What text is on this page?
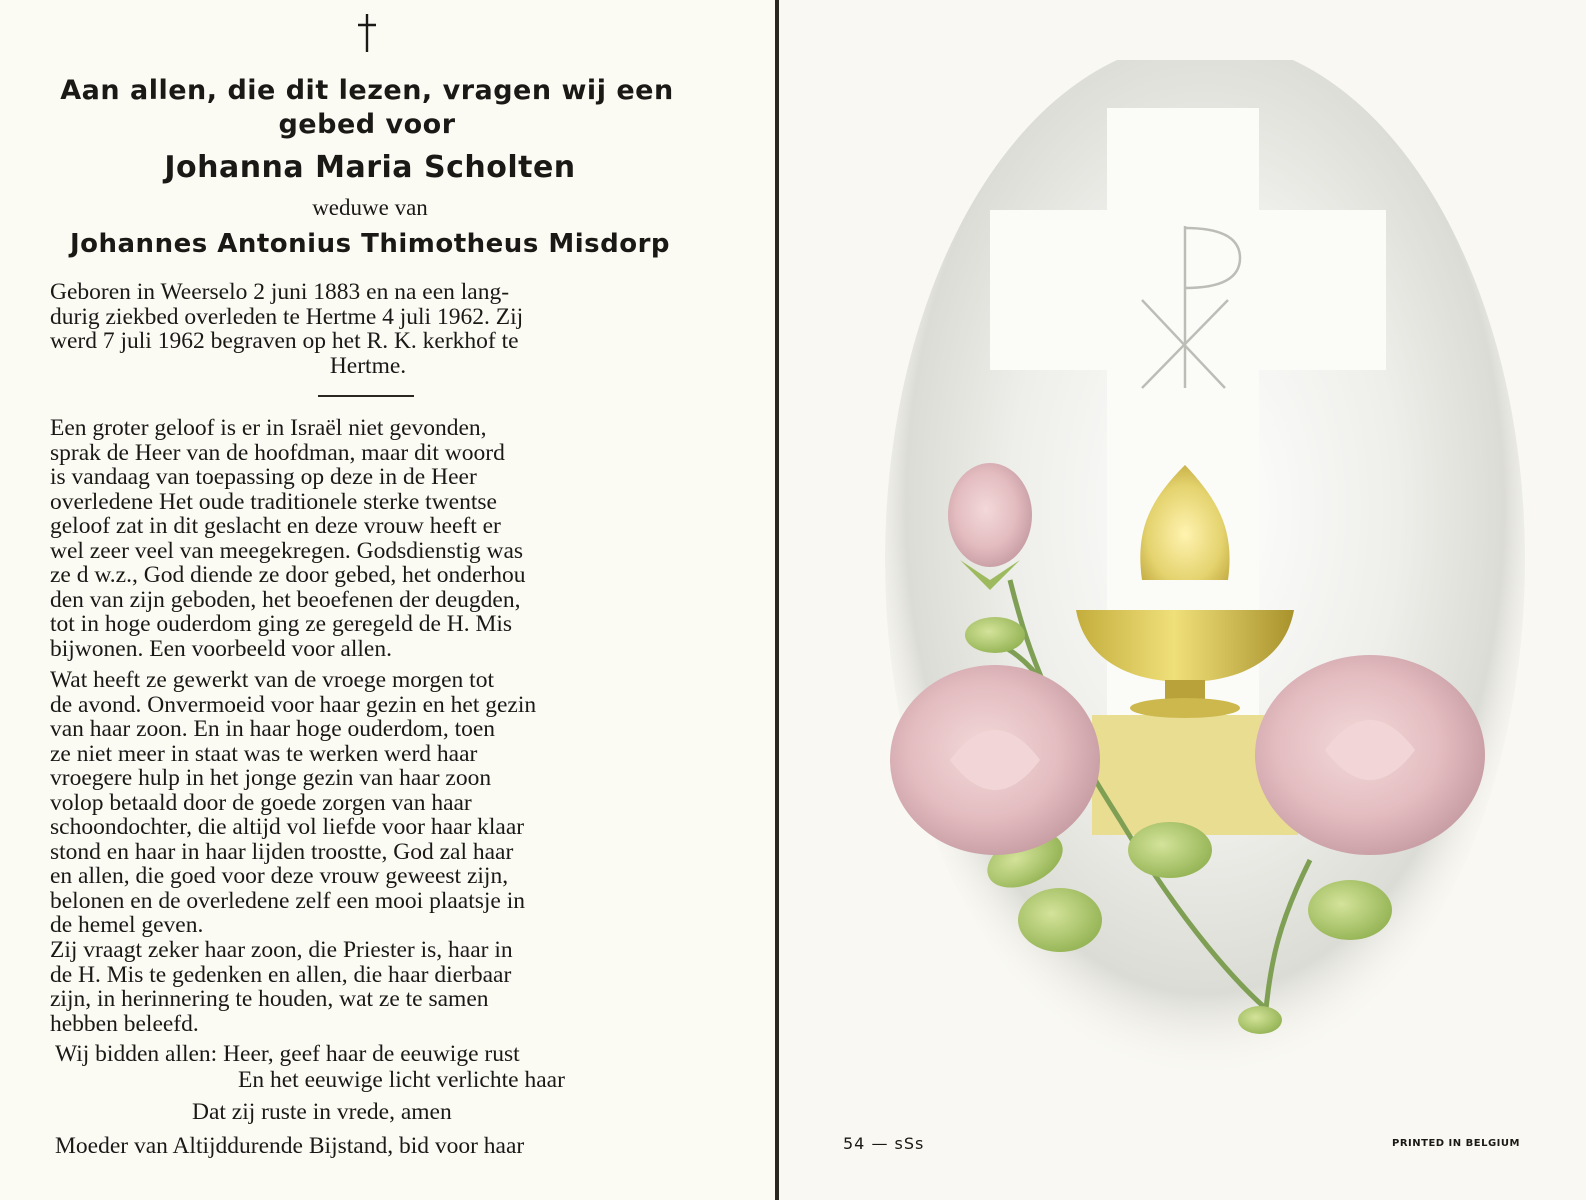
Aan allen, die dit lezen, vragen wij een
gebed voor
Johanna Maria Scholten
weduwe van
Johannes Antonius Thimotheus Misdorp
Geboren in Weerselo 2 juni 1883 en na een lang-
durig ziekbed overleden te Hertme 4 juli 1962. Zij
werd 7 juli 1962 begraven op het R. K. kerkhof te
Hertme.
Een groter geloof is er in Israël niet gevonden,
sprak de Heer van de hoofdman, maar dit woord
is vandaag van toepassing op deze in de Heer
overledene Het oude traditionele sterke twentse
geloof zat in dit geslacht en deze vrouw heeft er
wel zeer veel van meegekregen. Godsdienstig was
ze d w.z., God diende ze door gebed, het onderhou
den van zijn geboden, het beoefenen der deugden,
tot in hoge ouderdom ging ze geregeld de H. Mis
bijwonen. Een voorbeeld voor allen.
Wat heeft ze gewerkt van de vroege morgen tot
de avond. Onvermoeid voor haar gezin en het gezin
van haar zoon. En in haar hoge ouderdom, toen
ze niet meer in staat was te werken werd haar
vroegere hulp in het jonge gezin van haar zoon
volop betaald door de goede zorgen van haar
schoondochter, die altijd vol liefde voor haar klaar
stond en haar in haar lijden troostte, God zal haar
en allen, die goed voor deze vrouw geweest zijn,
belonen en de overledene zelf een mooi plaatsje in
de hemel geven.
Zij vraagt zeker haar zoon, die Priester is, haar in
de H. Mis te gedenken en allen, die haar dierbaar
zijn, in herinnering te houden, wat ze te samen
hebben beleefd.
Wij bidden allen: Heer, geef haar de eeuwige rust
En het eeuwige licht verlichte haar
Dat zij ruste in vrede, amen
Moeder van Altijddurende Bijstand, bid voor haar	54 — sSs	PRINTED IN BELGIUM
